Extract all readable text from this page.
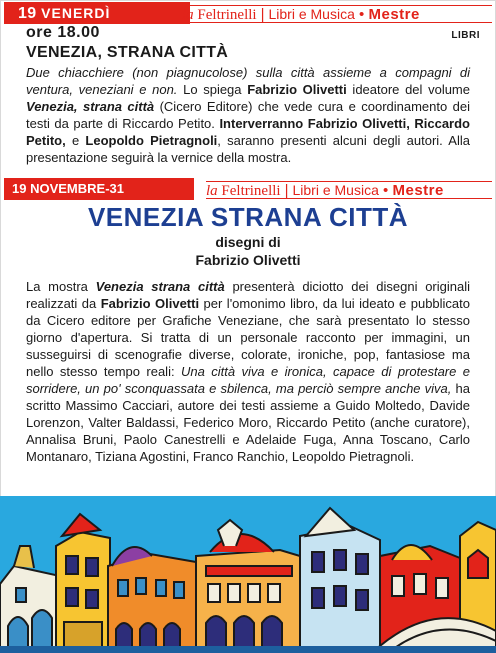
19 VENERDÌ	la Feltrinelli | Libri e Musica • Mestre
ore 18.00	LIBRI
VENEZIA, STRANA CITTÀ
Due chiacchiere (non piagnucolose) sulla città assieme a compagni di ventura, veneziani e non. Lo spiega Fabrizio Olivetti ideatore del volume Venezia, strana città (Cicero Editore) che vede cura e coordinamento dei testi da parte di Riccardo Petito. Interverranno Fabrizio Olivetti, Riccardo Petito, e Leopoldo Pietragnoli, saranno presenti alcuni degli autori. Alla presentazione seguirà la vernice della mostra.
19 NOVEMBRE-31 DICEMBRE
la Feltrinelli | Libri e Musica • Mestre
VENEZIA STRANA CITTÀ
disegni di
Fabrizio Olivetti
La mostra Venezia strana città presenterà diciotto dei disegni originali realizzati da Fabrizio Olivetti per l'omonimo libro, da lui ideato e pubblicato da Cicero editore per Grafiche Veneziane, che sarà presentato lo stesso giorno d'apertura. Si tratta di un personale racconto per immagini, un susseguirsi di scenografie diverse, colorate, ironiche, pop, fantasiose ma nello stesso tempo reali: Una città viva e ironica, capace di protestare e sorridere, un po' sconquassata e sbilenca, ma perciò sempre anche viva, ha scritto Massimo Cacciari, autore dei testi assieme a Guido Moltedo, Davide Lorenzon, Valter Baldassi, Federico Moro, Riccardo Petito (anche curatore), Annalisa Bruni, Paolo Canestrelli e Adelaide Fuga, Anna Toscano, Carlo Montanaro, Tiziana Agostini, Franco Ranchio, Leopoldo Pietragnoli.
